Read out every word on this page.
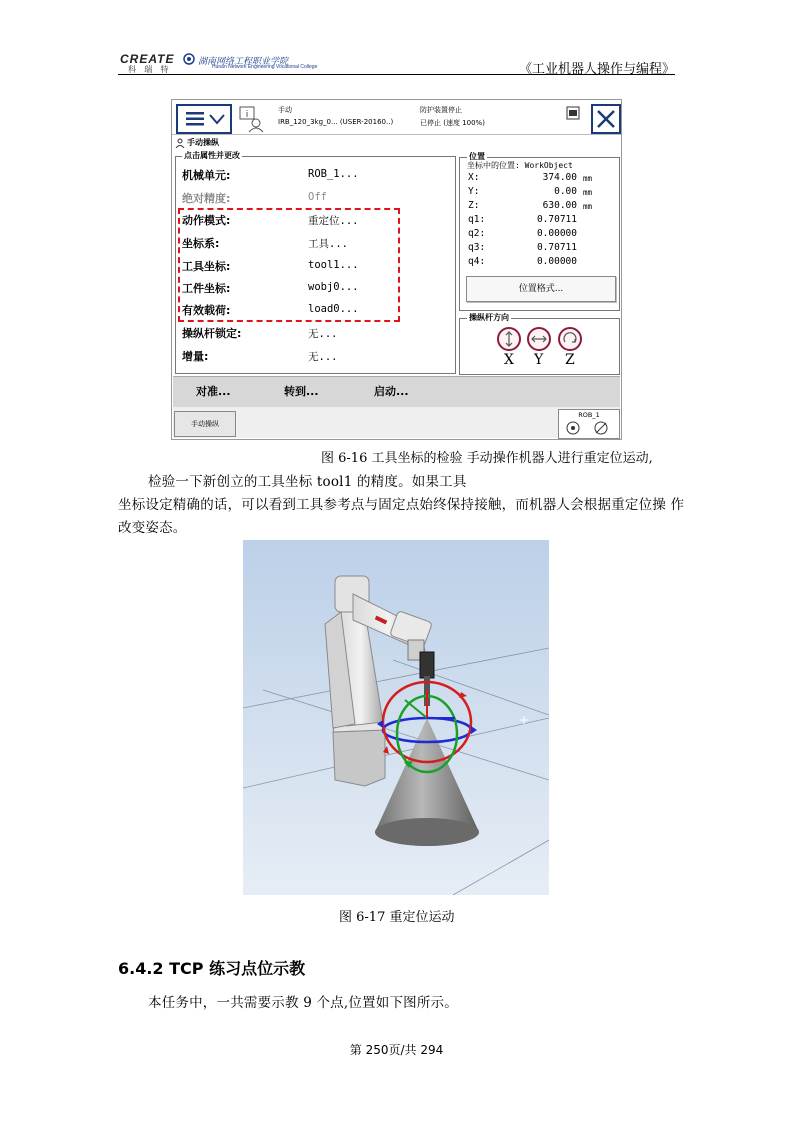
CREATE
科 瑞 特
湖南网络工程职业学院
Hunan Network Engineering Vocational College	《工业机器人操作与编程》
i	手动
IRB_120_3kg_0... (USER-20160..)
防护装置停止
已停止 (速度 100%)
手动操纵
点击属性并更改
机械单元:	ROB_1...
绝对精度:	Off
动作模式:	重定位...
坐标系:	工具...
工具坐标:	tool1...
工件坐标:	wobj0...
有效载荷:	load0...
操纵杆锁定:	无...
增量:	无...
位置
坐标中的位置: WorkObject
X:	374.00 mm
Y:	0.00 mm
Z:	630.00 mm
q1:	0.70711
q2:	0.00000
q3:	0.70711
q4:	0.00000
位置格式...
操纵杆方向
X Y Z
对准...	转到...	启动...
手动操纵
ROB_1
图 6-16 工具坐标的检验 手动操作机器人进行重定位运动,
检验一下新创立的工具坐标 tool1 的精度。如果工具
坐标设定精确的话，可以看到工具参考点与固定点始终保持接触，而机器人会根据重定位操 作
改变姿态。
+
图 6-17 重定位运动
6.4.2 TCP 练习点位示教
本任务中，一共需要示教 9 个点,位置如下图所示。
第 250页/共 294
